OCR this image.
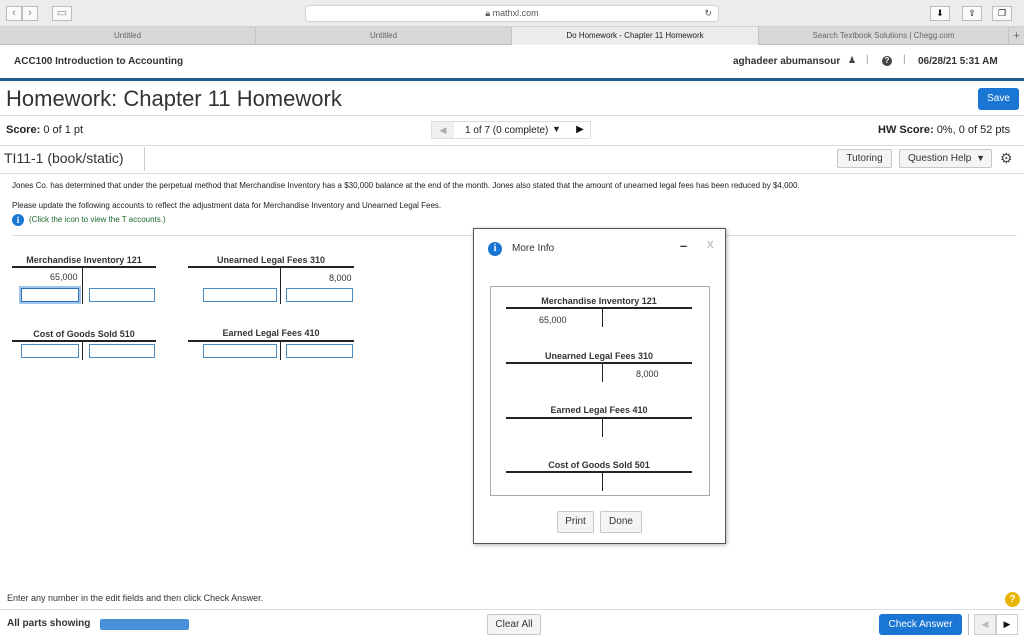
‹	›	▭	🔒︎ mathxl.com	↻	⬇	⇪	❐
Untitled	Untitled	Do Homework - Chapter 11 Homework	Search Textbook Solutions | Chegg.com	+
ACC100 Introduction to Accounting	aghadeer abumansour ♟ |	? | 06/28/21 5:31 AM
Homework: Chapter 11 Homework	Save
Score: 0 of 1 pt	◀	1 of 7 (0 complete) ▼	▶	HW Score: 0%, 0 of 52 pts
TI11-1 (book/static)	Tutoring	Question Help ▼ ⚙
Jones Co. has determined that under the perpetual method that Merchandise Inventory has a $30,000 balance at the end of the month. Jones also stated that the amount of unearned legal fees has been reduced by $4,000.
Please update the following accounts to reflect the adjustment data for Merchandise Inventory and Unearned Legal Fees.
i	(Click the icon to view the T accounts.)
Merchandise Inventory 121
65,000
Unearned Legal Fees 310
8,000
Cost of Goods Sold 510	Earned Legal Fees 410
i	More Info	– X
Merchandise Inventory 121
65,000
Unearned Legal Fees 310
8,000
Earned Legal Fees 410
Cost of Goods Sold 501
Print	Done
Enter any number in the edit fields and then click Check Answer.	?
All parts showing	Clear All	Check Answer	◀	▶
